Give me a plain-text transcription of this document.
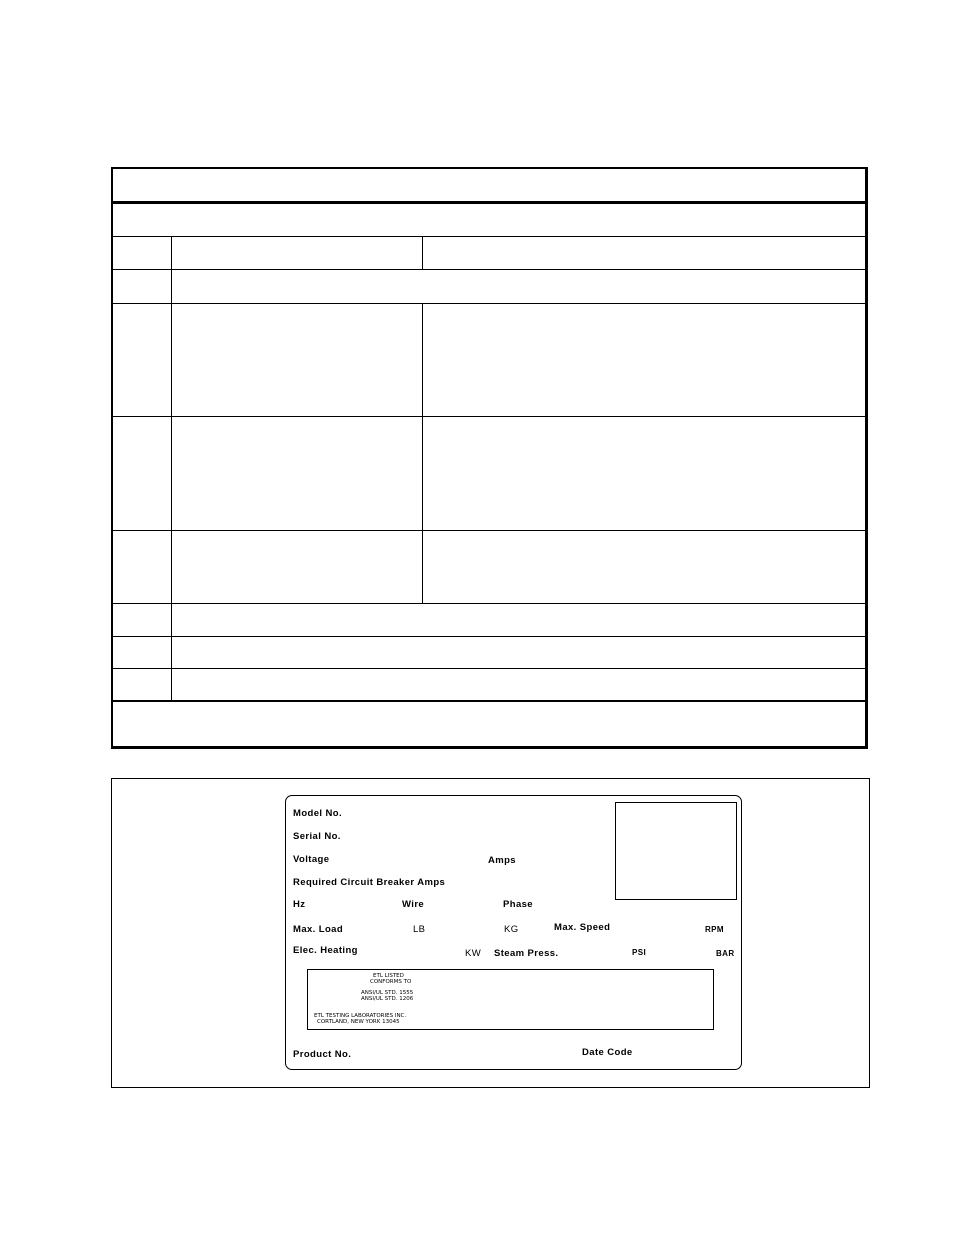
Model No.
Serial No.
Voltage	Amps
Required Circuit Breaker Amps
Hz	Wire	Phase
Max. Load	LB	KG	Max. Speed	RPM
Elec. Heating	KW Steam Press.	PSI	BAR
ETL LISTED
CONFORMS TO
ANSI/UL STD. 1555
ANSI/UL STD. 1206
ETL TESTING LABORATORIES INC.
CORTLAND, NEW YORK 13045
Product No.	Date Code
